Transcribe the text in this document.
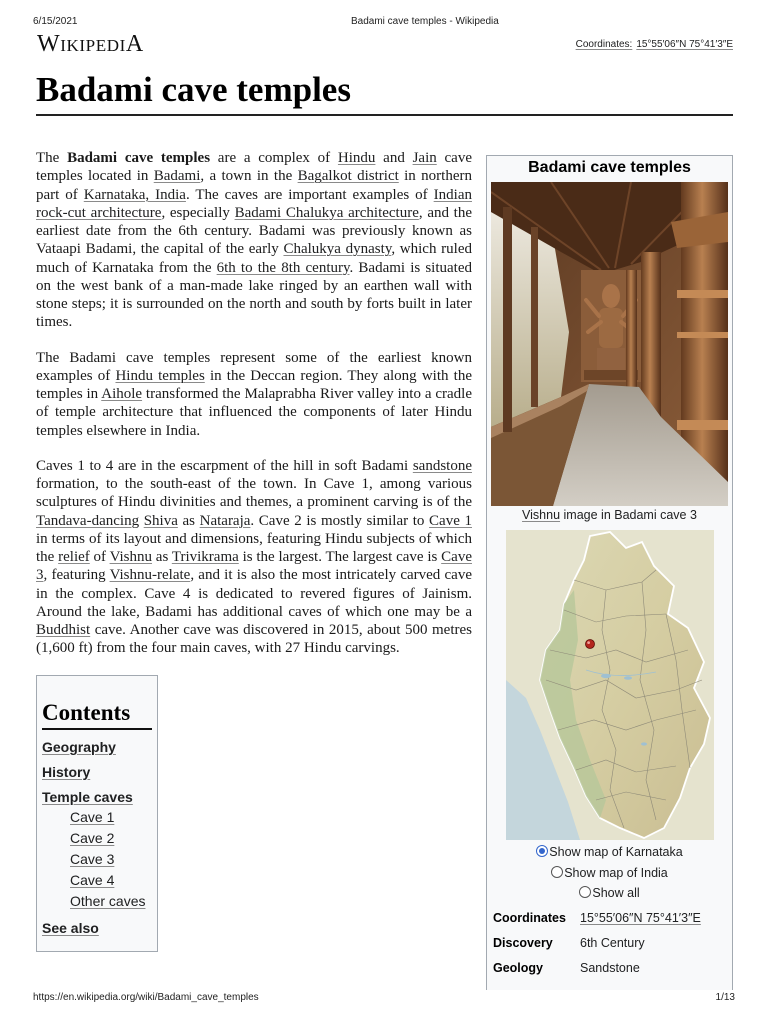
6/15/2021	Badami cave temples - Wikipedia
WikipediA	Coordinates: 15°55′06″N 75°41′3″E
Badami cave temples

The Badami cave temples are a complex of Hindu and Jain cave temples located in Badami, a town in the Bagalkot district in northern part of Karnataka, India. The caves are important examples of Indian rock-cut architecture, especially Badami Chalukya architecture, and the earliest date from the 6th century. Badami was previously known as Vataapi Badami, the capital of the early Chalukya dynasty, which ruled much of Karnataka from the 6th to the 8th century. Badami is situated on the west bank of a man-made lake ringed by an earthen wall with stone steps; it is surrounded on the north and south by forts built in later times.

The Badami cave temples represent some of the earliest known examples of Hindu temples in the Deccan region. They along with the temples in Aihole transformed the Malaprabha River valley into a cradle of temple architecture that influenced the components of later Hindu temples elsewhere in India.

Caves 1 to 4 are in the escarpment of the hill in soft Badami sandstone formation, to the south-east of the town. In Cave 1, among various sculptures of Hindu divinities and themes, a prominent carving is of the Tandava-dancing Shiva as Nataraja. Cave 2 is mostly similar to Cave 1 in terms of its layout and dimensions, featuring Hindu subjects of which the relief of Vishnu as Trivikrama is the largest. The largest cave is Cave 3, featuring Vishnu-relate, and it is also the most intricately carved cave in the complex. Cave 4 is dedicated to revered figures of Jainism. Around the lake, Badami has additional caves of which one may be a Buddhist cave. Another cave was discovered in 2015, about 500 metres (1,600 ft) from the four main caves, with 27 Hindu carvings.

Contents
Geography
History
Temple caves
Cave 1
Cave 2
Cave 3
Cave 4
Other caves
See also
Badami cave temples
Vishnu image in Badami cave 3
Show map of Karnataka
Show map of India
Show all
Coordinates	15°55′06″N 75°41′3″E
Discovery	6th Century
Geology	Sandstone
https://en.wikipedia.org/wiki/Badami_cave_temples	1/13
